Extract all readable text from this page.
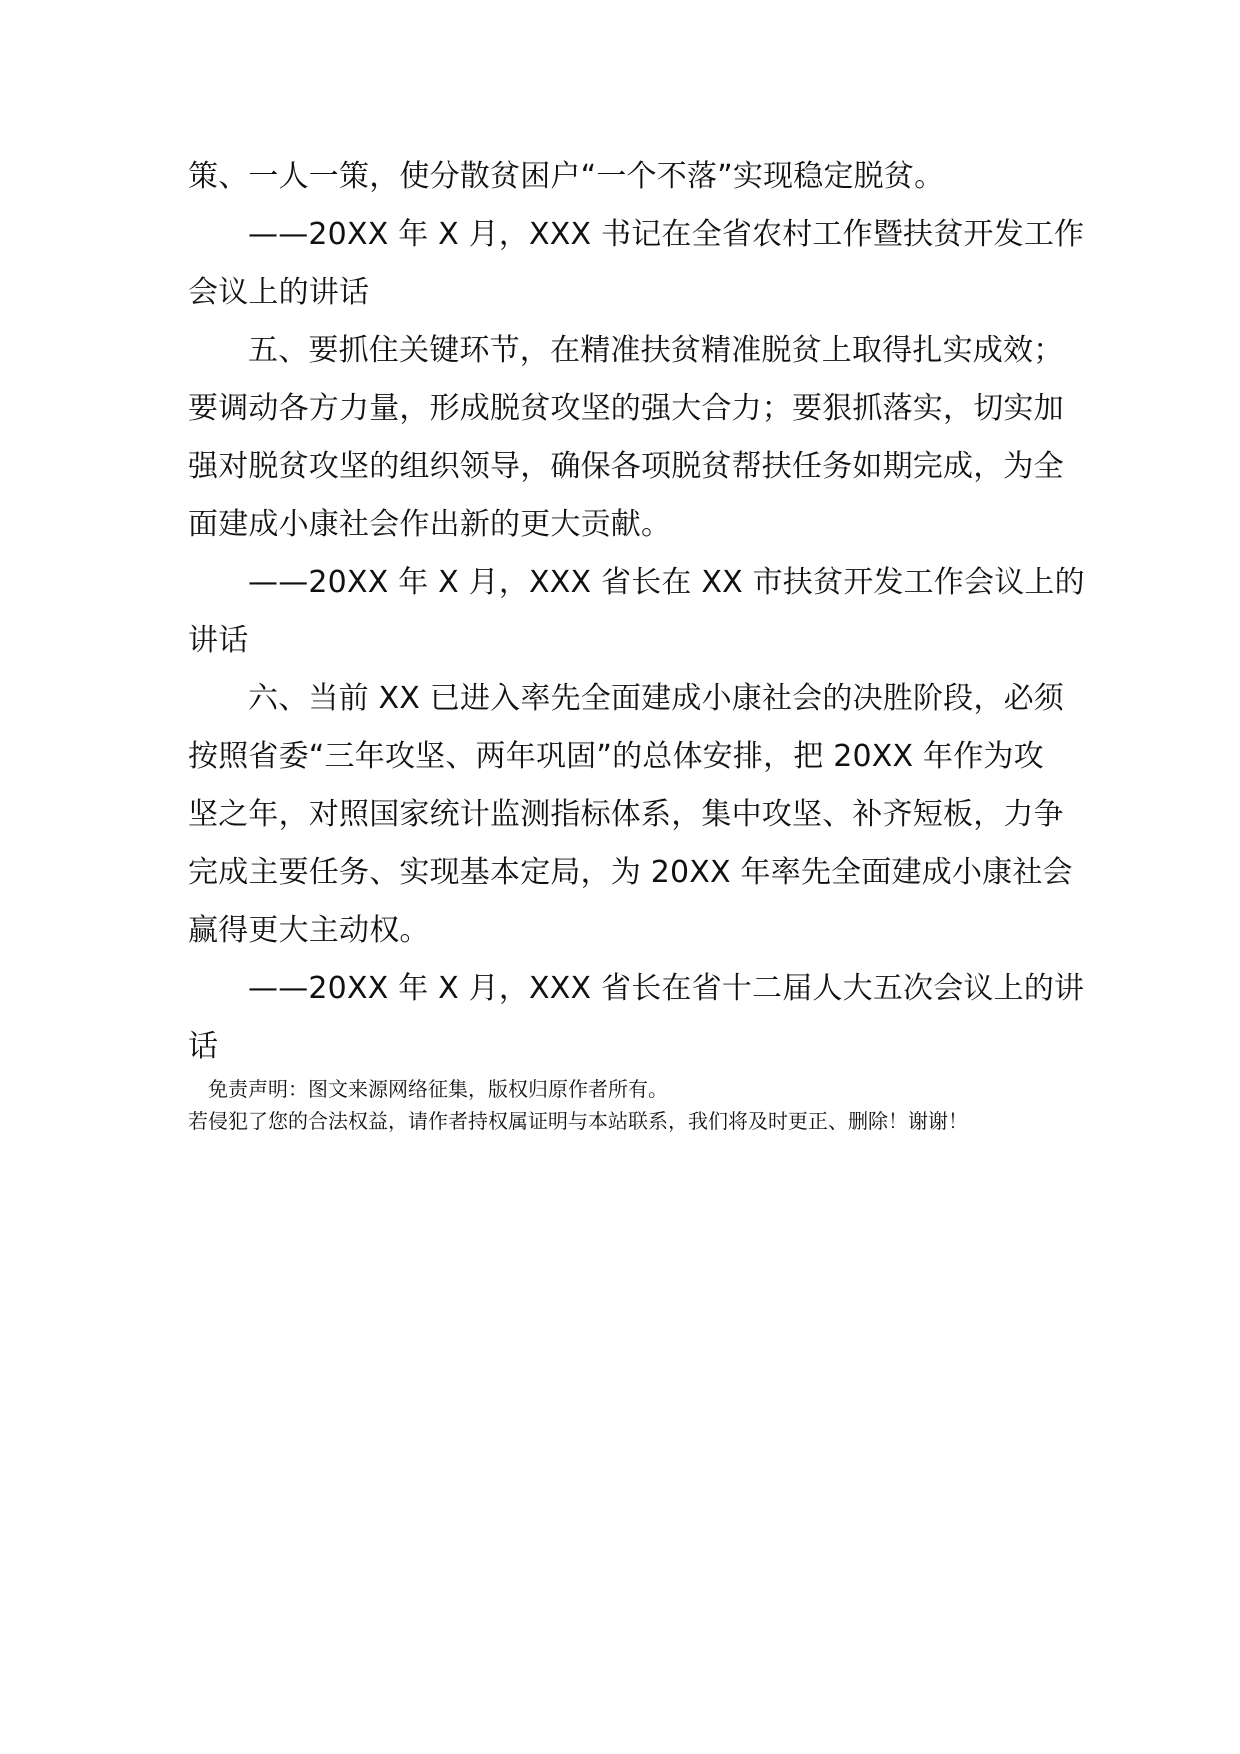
策、一人一策，使分散贫困户“一个不落”实现稳定脱贫。
——20XX 年 X 月，XXX 书记在全省农村工作暨扶贫开发工作
会议上的讲话
五、要抓住关键环节，在精准扶贫精准脱贫上取得扎实成效；
要调动各方力量，形成脱贫攻坚的强大合力；要狠抓落实，切实加
强对脱贫攻坚的组织领导，确保各项脱贫帮扶任务如期完成，为全
面建成小康社会作出新的更大贡献。
——20XX 年 X 月，XXX 省长在 XX 市扶贫开发工作会议上的
讲话
六、当前 XX 已进入率先全面建成小康社会的决胜阶段，必须
按照省委“三年攻坚、两年巩固”的总体安排，把 20XX 年作为攻
坚之年，对照国家统计监测指标体系，集中攻坚、补齐短板，力争
完成主要任务、实现基本定局，为 20XX 年率先全面建成小康社会
赢得更大主动权。
——20XX 年 X 月，XXX 省长在省十二届人大五次会议上的讲
话
免责声明：图文来源网络征集，版权归原作者所有。
若侵犯了您的合法权益，请作者持权属证明与本站联系，我们将及时更正、删除！谢谢！
